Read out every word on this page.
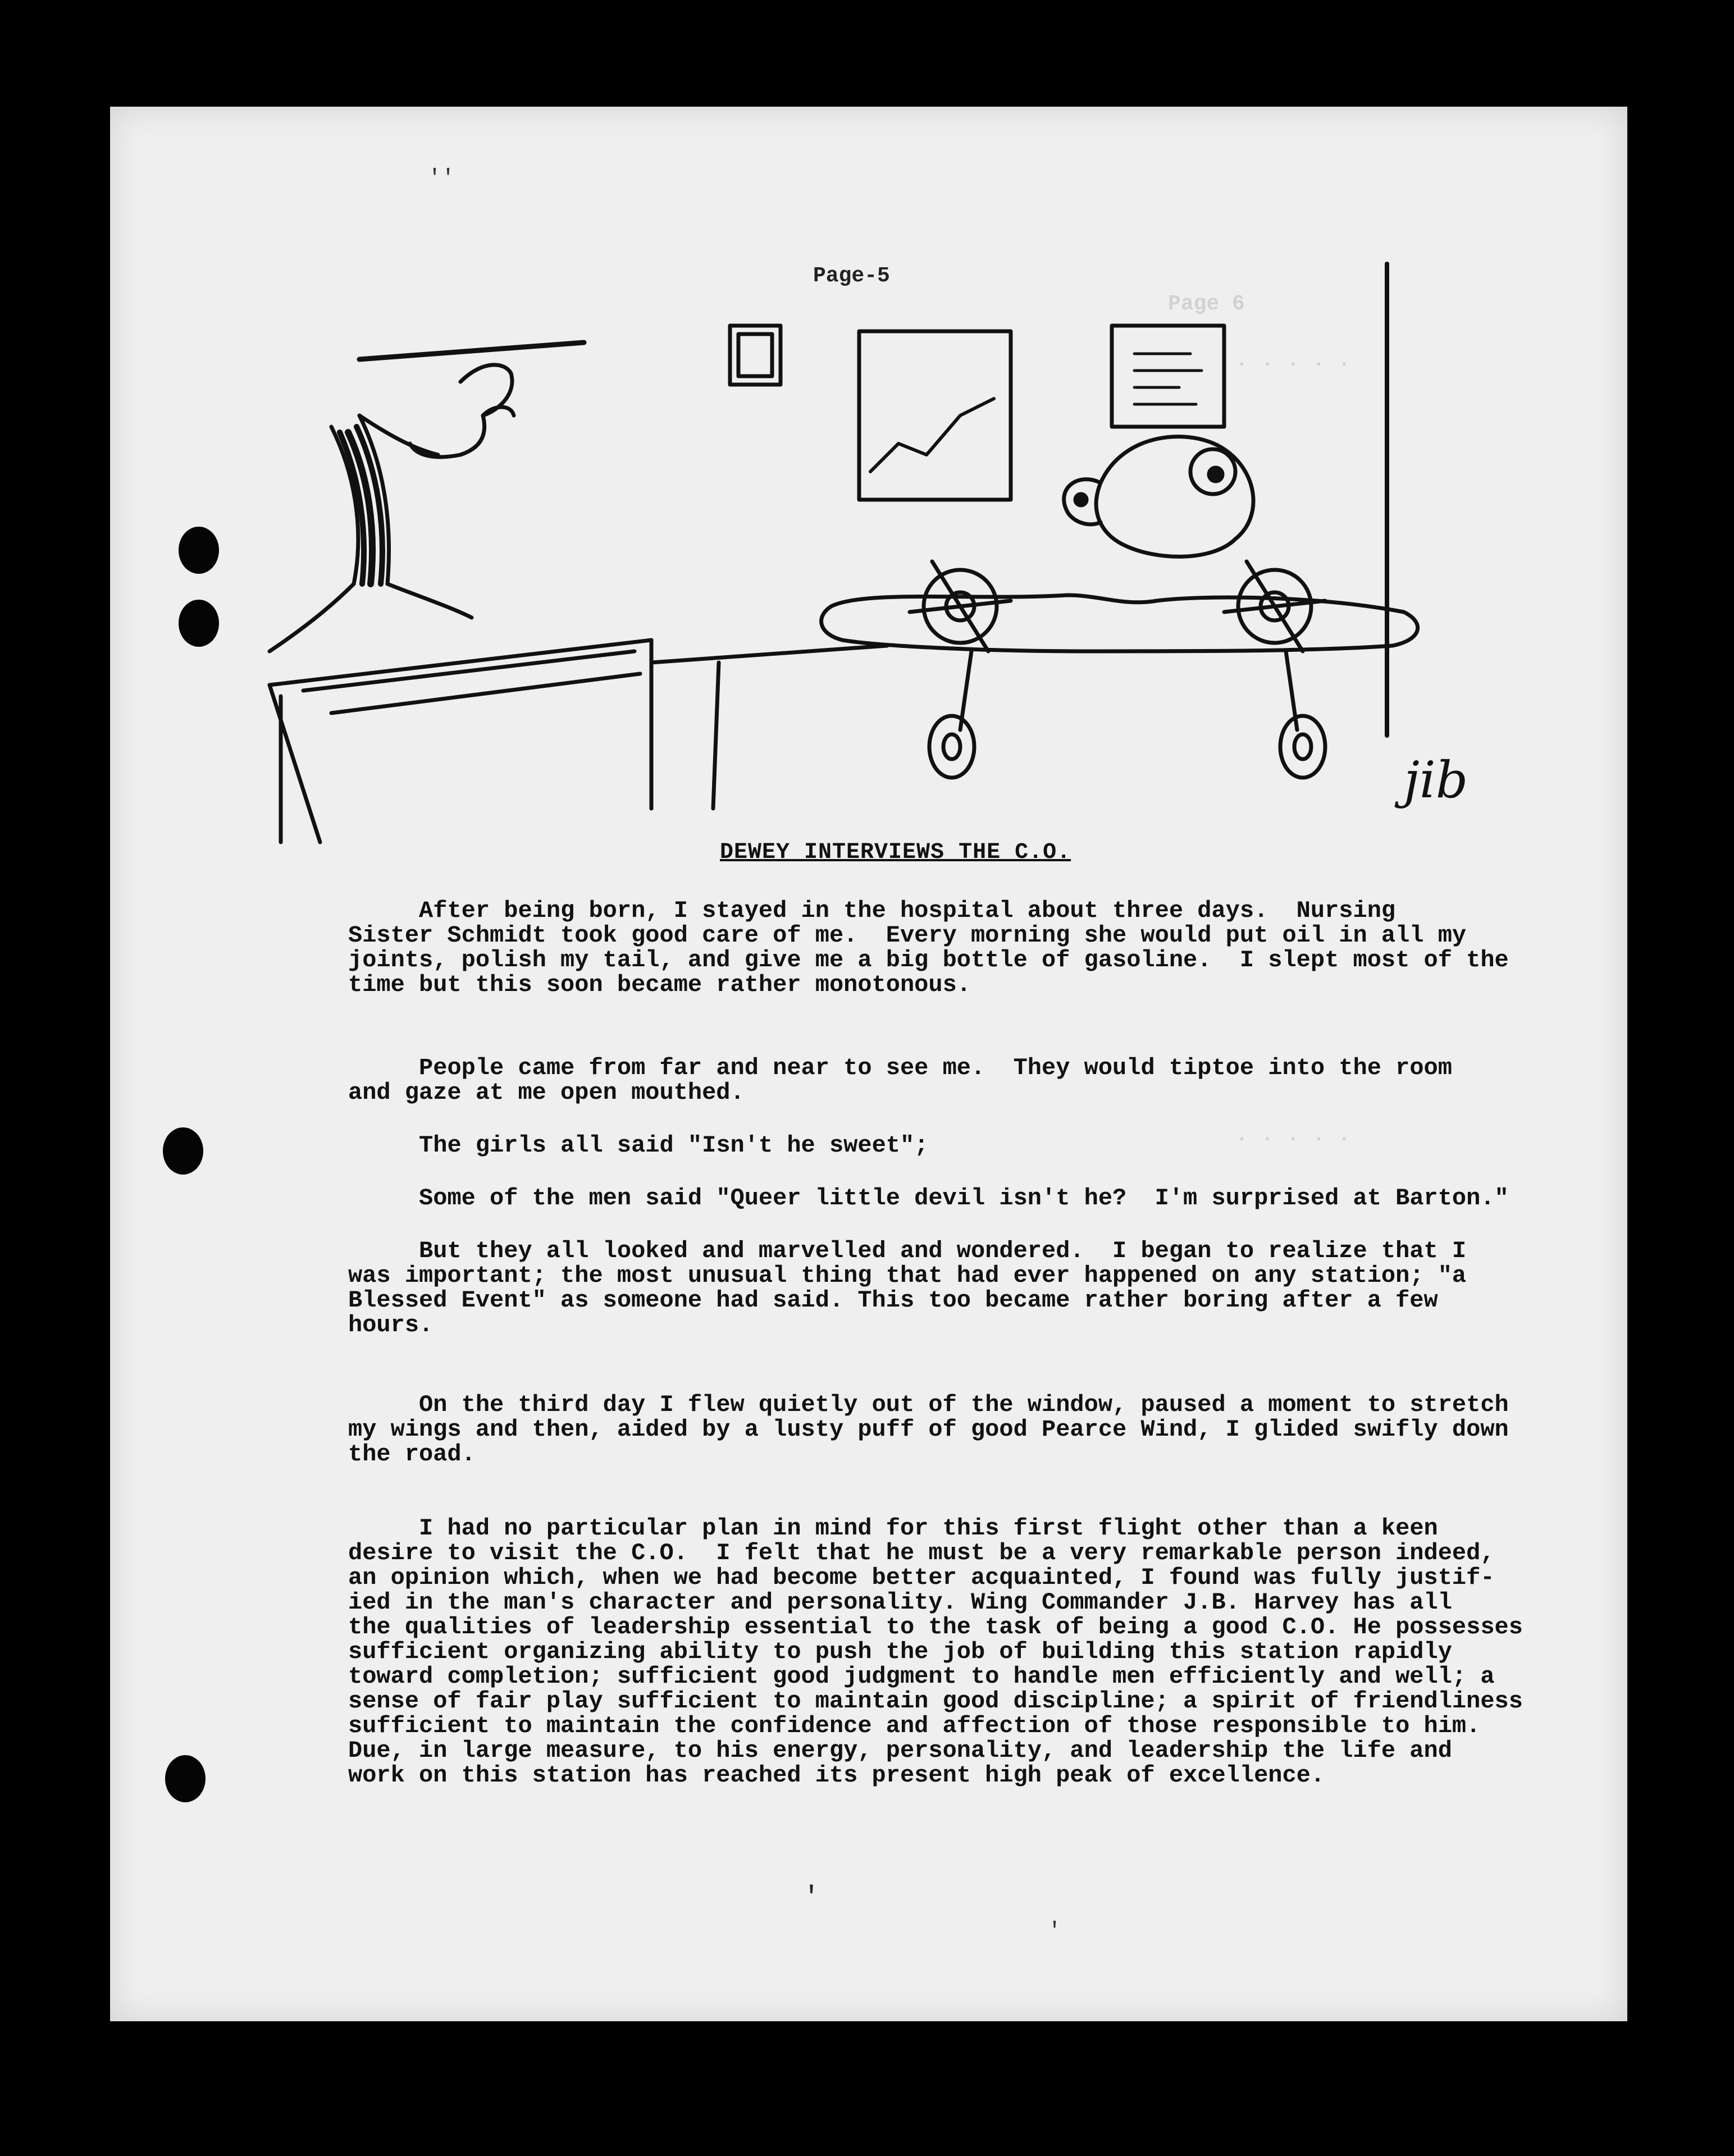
''
Page 6
. . . . .
. . . . .
Page-5
jib
DEWEY INTERVIEWS THE C.O.
After being born, I stayed in the hospital about three days.  Nursing
Sister Schmidt took good care of me.  Every morning she would put oil in all my
joints, polish my tail, and give me a big bottle of gasoline.  I slept most of the
time but this soon became rather monotonous.
People came from far and near to see me.  They would tiptoe into the room
and gaze at me open mouthed.
The girls all said "Isn't he sweet";
Some of the men said "Queer little devil isn't he?  I'm surprised at Barton."
But they all looked and marvelled and wondered.  I began to realize that I
was important; the most unusual thing that had ever happened on any station; "a
Blessed Event" as someone had said. This too became rather boring after a few
hours.
On the third day I flew quietly out of the window, paused a moment to stretch
my wings and then, aided by a lusty puff of good Pearce Wind, I glided swifly down
the road.
I had no particular plan in mind for this first flight other than a keen
desire to visit the C.O.  I felt that he must be a very remarkable person indeed,
an opinion which, when we had become better acquainted, I found was fully justif-
ied in the man's character and personality. Wing Commander J.B. Harvey has all
the qualities of leadership essential to the task of being a good C.O. He possesses
sufficient organizing ability to push the job of building this station rapidly
toward completion; sufficient good judgment to handle men efficiently and well; a
sense of fair play sufficient to maintain good discipline; a spirit of friendliness
sufficient to maintain the confidence and affection of those responsible to him.
Due, in large measure, to his energy, personality, and leadership the life and
work on this station has reached its present high peak of excellence.
'
'
